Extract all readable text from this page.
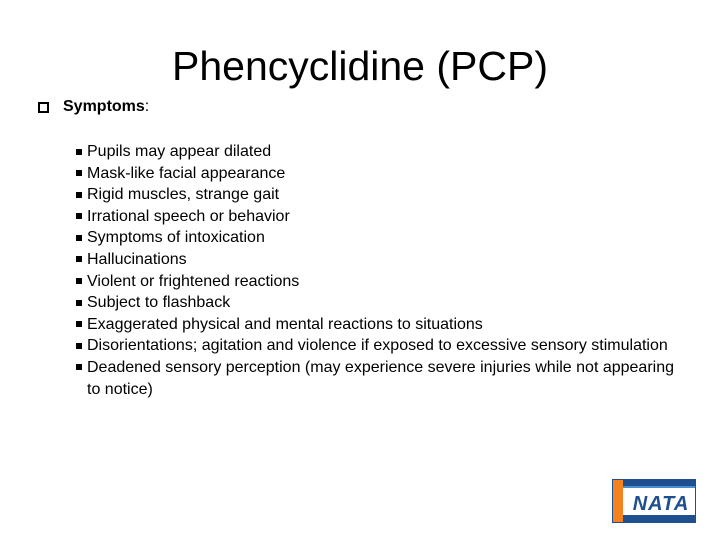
Phencyclidine (PCP)
Symptoms :
Pupils may appear dilated
Mask-like facial appearance
Rigid muscles, strange gait
Irrational speech or behavior
Symptoms of intoxication
Hallucinations
Violent or frightened reactions
Subject to flashback
Exaggerated physical and mental reactions to situations
Disorientations; agitation and violence if exposed to excessive sensory stimulation
Deadened sensory perception (may experience severe injuries while not appearing to notice)
NATA
